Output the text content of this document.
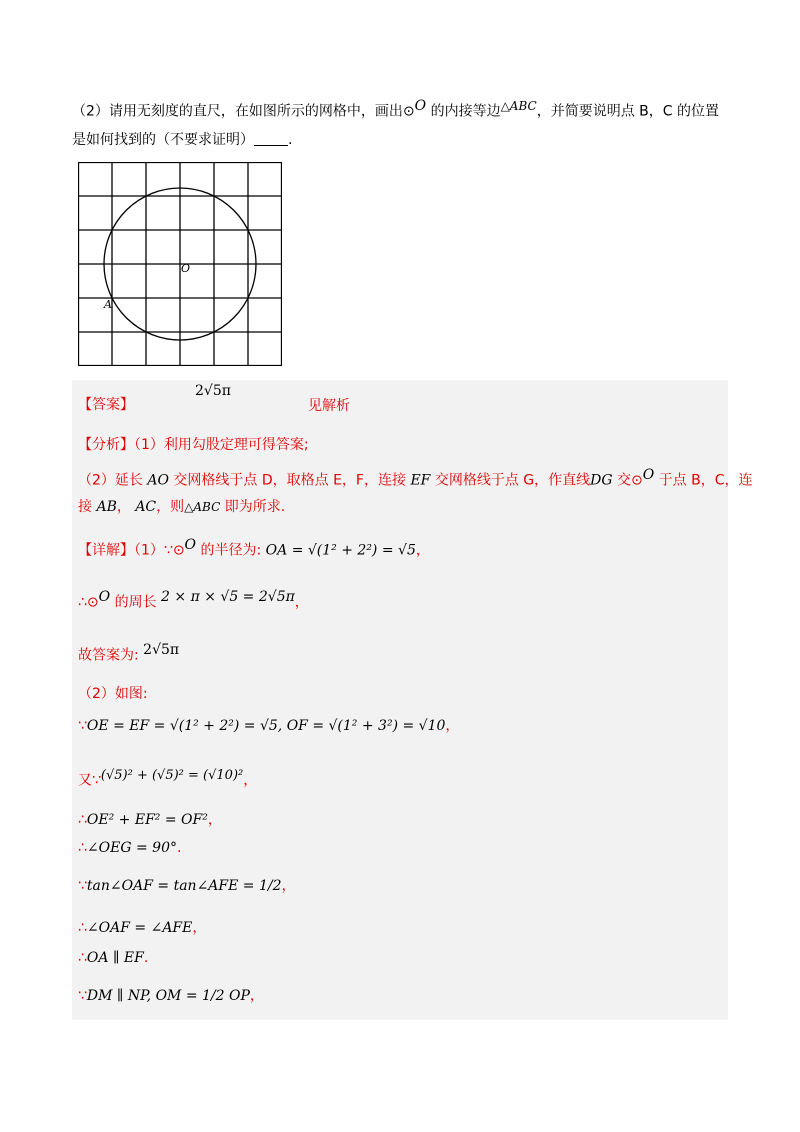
（2）请用无刻度的直尺，在如图所示的网格中，画出⊙$^O$ 的内接等边$^{\triangle ABC}$，并简要说明点 B，C 的位置
是如何找到的（不要求证明） .
O
A
【答案】
2√5π
见解析
【分析】（1）利用勾股定理可得答案;
（2）延长 AO 交网格线于点 D，取格点 E，F，连接 EF 交网格线于点 G，作直线DG 交⊙$^O$ 于点 B，C，连
接 AB， AC，则△ABC 即为所求.
【详解】（1）∵⊙$^O$ 的半径为: OA = √(1² + 2²) = √5，
∴⊙$^O$ 的周长 $^{2 \times \pi \times √5 = 2√5\pi}$，
故答案为: $^{2√5\pi}$
（2）如图:
∵OE = EF = √(1² + 2²) = √5, OF = √(1² + 3²) = √10，
又∵$^{(√5)^2 + (√5)^2 = (√10)^2}$，
∴OE² + EF² = OF²，
∴∠OEG = 90°.
∵tan∠OAF = tan∠AFE = 1/2，
∴∠OAF = ∠AFE，
∴OA ∥ EF.
∵DM ∥ NP, OM = 1/2 OP，
